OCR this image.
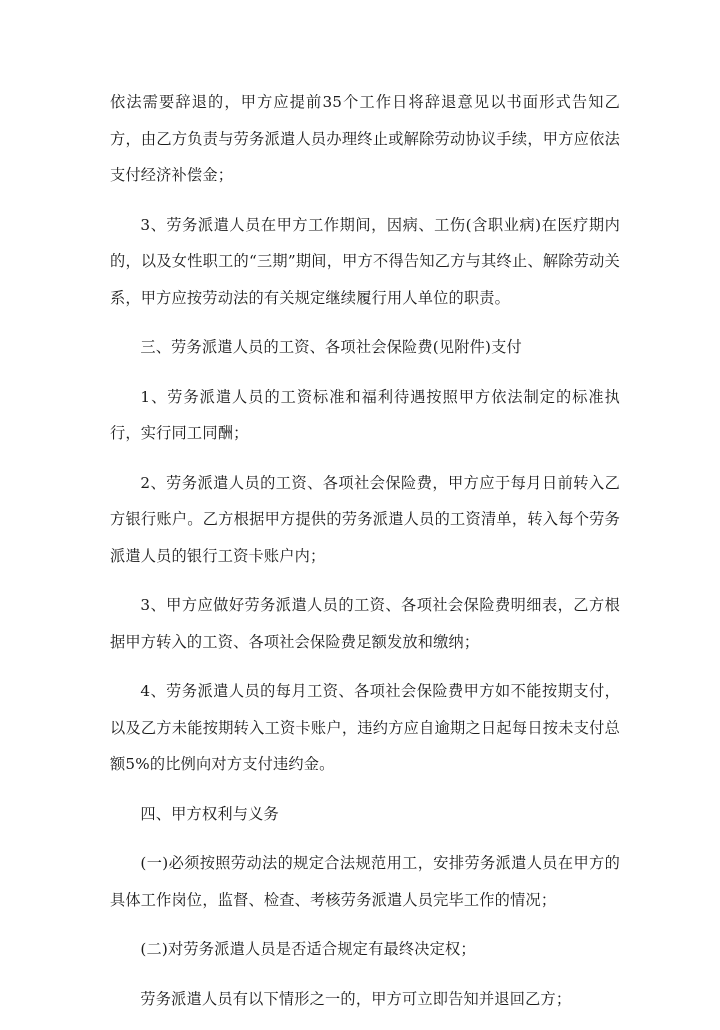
依法需要辞退的，甲方应提前35个工作日将辞退意见以书面形式告知乙方，由乙方负责与劳务派遣人员办理终止或解除劳动协议手续，甲方应依法支付经济补偿金；

3、劳务派遣人员在甲方工作期间，因病、工伤(含职业病)在医疗期内的，以及女性职工的“三期”期间，甲方不得告知乙方与其终止、解除劳动关系，甲方应按劳动法的有关规定继续履行用人单位的职责。

三、劳务派遣人员的工资、各项社会保险费(见附件)支付

1、劳务派遣人员的工资标准和福利待遇按照甲方依法制定的标准执行，实行同工同酬；

2、劳务派遣人员的工资、各项社会保险费，甲方应于每月日前转入乙方银行账户。乙方根据甲方提供的劳务派遣人员的工资清单，转入每个劳务派遣人员的银行工资卡账户内；

3、甲方应做好劳务派遣人员的工资、各项社会保险费明细表，乙方根据甲方转入的工资、各项社会保险费足额发放和缴纳；

4、劳务派遣人员的每月工资、各项社会保险费甲方如不能按期支付，以及乙方未能按期转入工资卡账户，违约方应自逾期之日起每日按未支付总额5%的比例向对方支付违约金。

四、甲方权利与义务

(一)必须按照劳动法的规定合法规范用工，安排劳务派遣人员在甲方的具体工作岗位，监督、检查、考核劳务派遣人员完毕工作的情况；

(二)对劳务派遣人员是否适合规定有最终决定权；

劳务派遣人员有以下情形之一的，甲方可立即告知并退回乙方；
